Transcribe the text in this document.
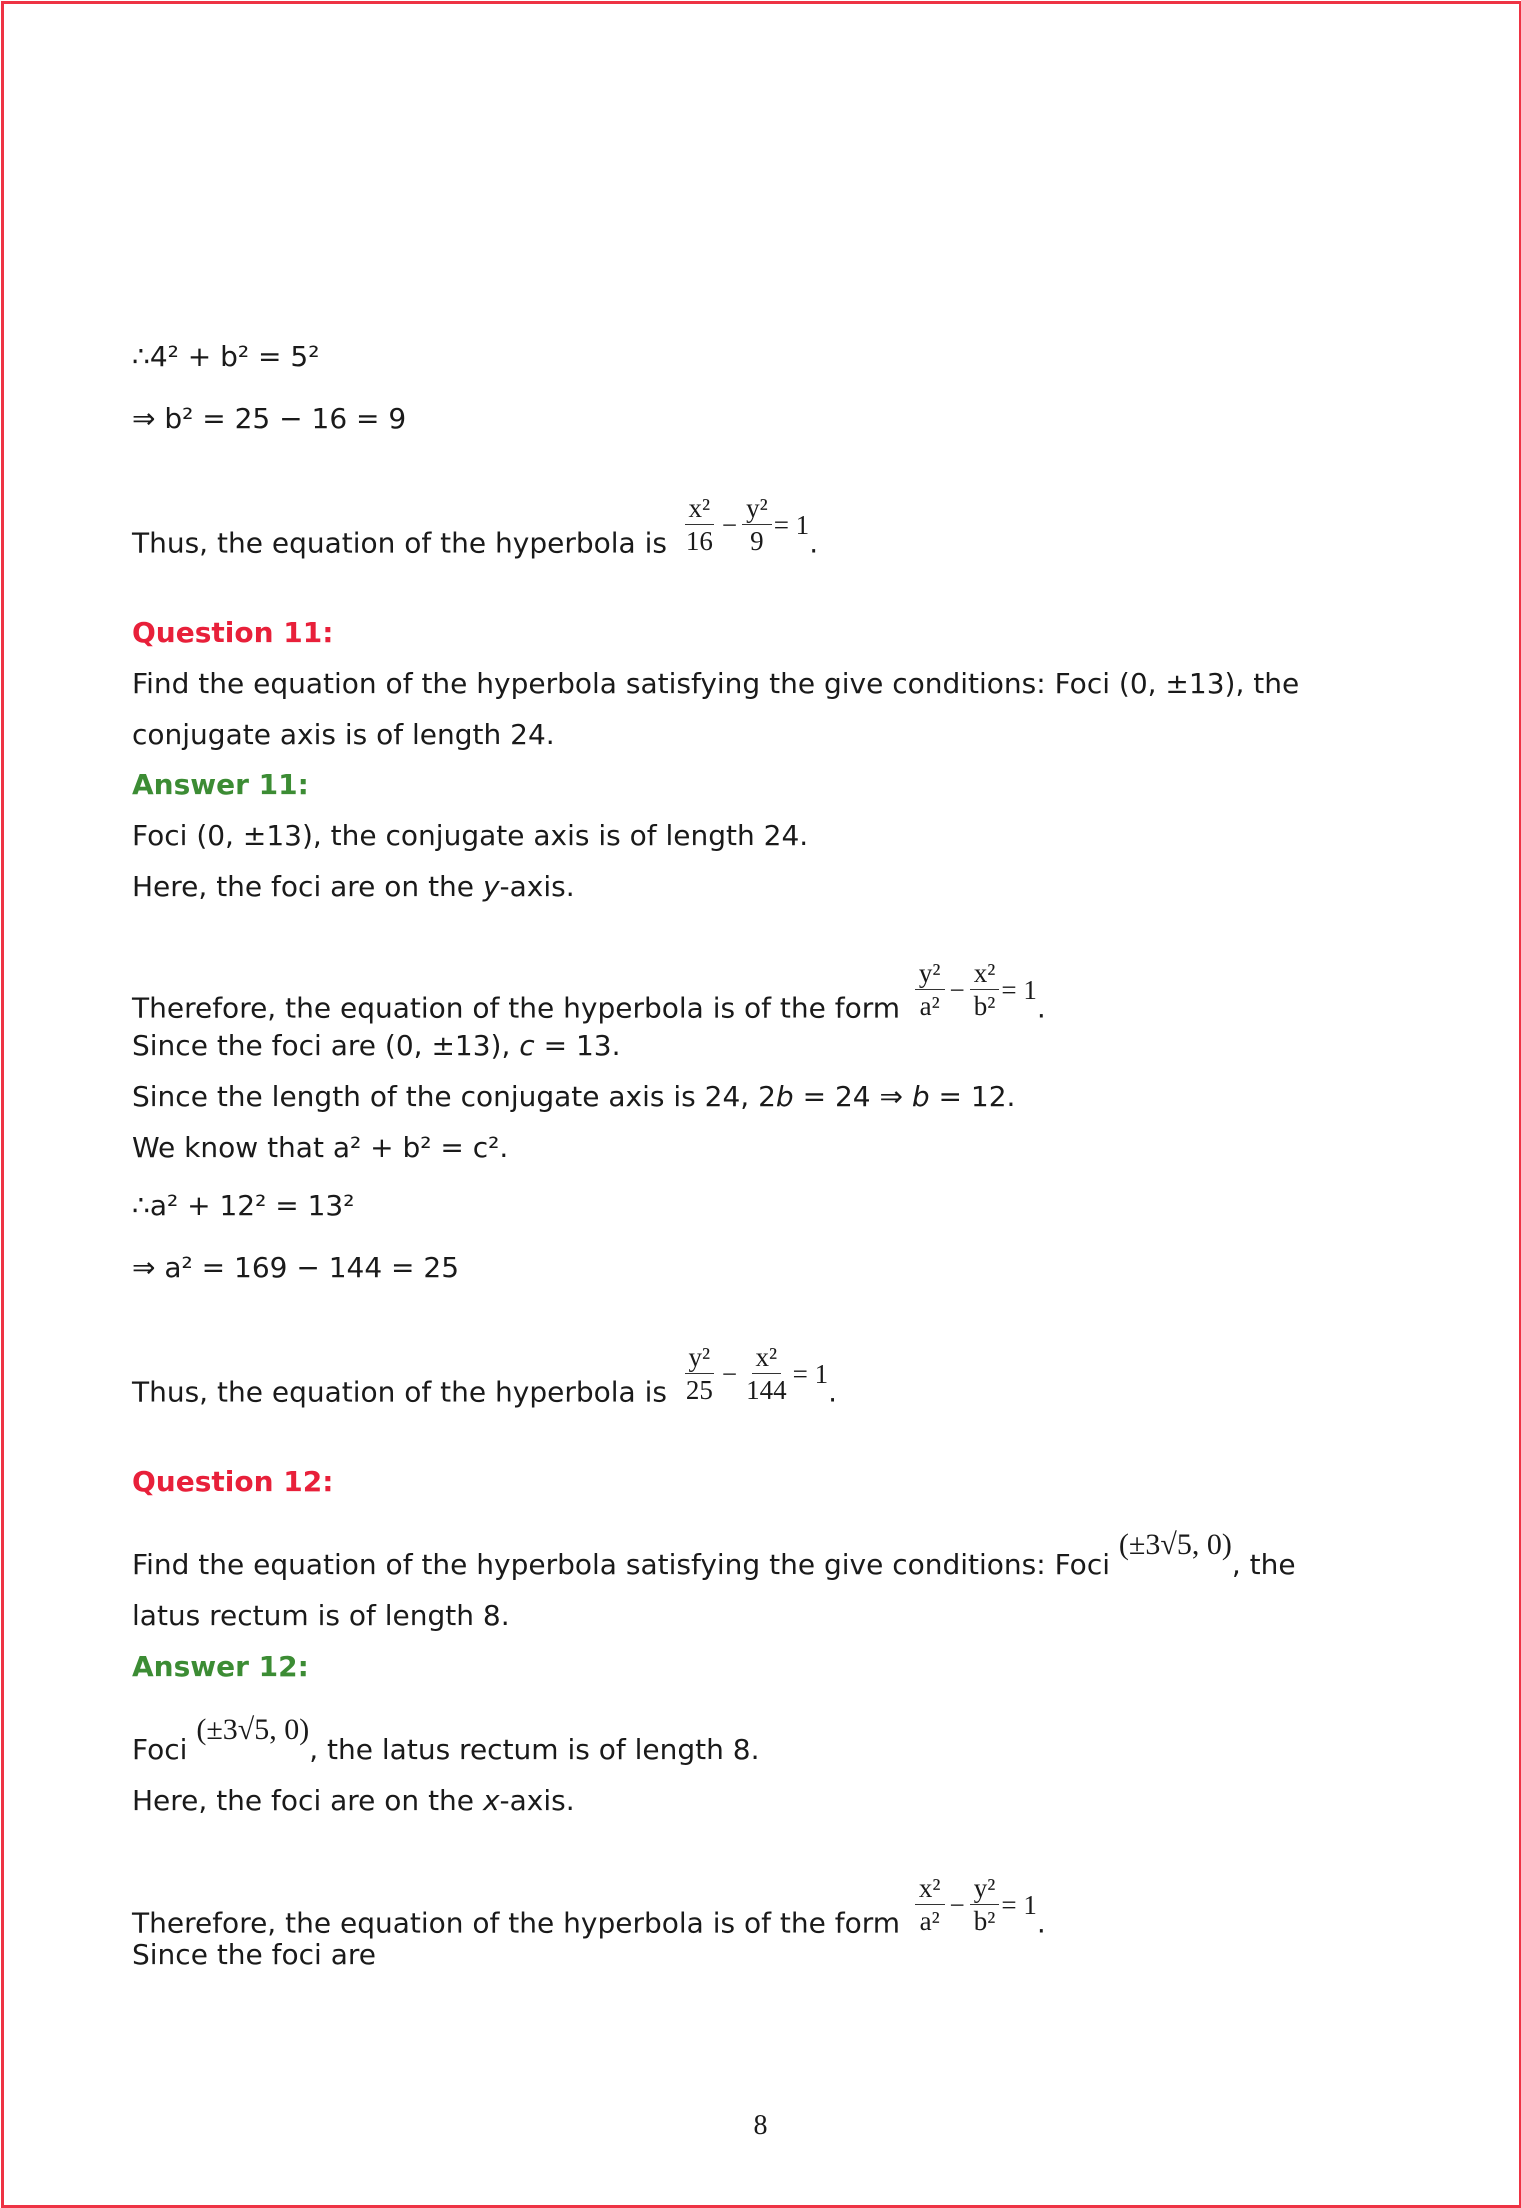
∴4² + b² = 5²
⇒ b² = 25 − 16 = 9
Thus, the equation of the hyperbola is $\frac{\text{x²}}{16} - \frac{\text{y²}}{9} = 1$
.
Question 11:
Find the equation of the hyperbola satisfying the give conditions: Foci (0, ±13), the
conjugate axis is of length 24.
Answer 11:
Foci (0, ±13), the conjugate axis is of length 24.
Here, the foci are on the y-axis.
Therefore, the equation of the hyperbola is of the form $\frac{\text{y²}}{\text{a²}} - \frac{\text{x²}}{\text{b²}} = 1$
.
Since the foci are (0, ±13), c = 13.
Since the length of the conjugate axis is 24, 2b = 24 ⇒ b = 12.
We know that a² + b² = c².
∴a² + 12² = 13²
⇒ a² = 169 − 144 = 25
Thus, the equation of the hyperbola is $\frac{\text{y²}}{25} - \frac{\text{x²}}{144} = 1$
.
Question 12:
Find the equation of the hyperbola satisfying the give conditions: Foci (±3√5, 0), the
latus rectum is of length 8.
Answer 12:
Foci (±3√5, 0), the latus rectum is of length 8.
Here, the foci are on the x-axis.
Therefore, the equation of the hyperbola is of the form $\frac{\text{x²}}{\text{a²}} - \frac{\text{y²}}{\text{b²}} = 1$
.
Since the foci are
8
